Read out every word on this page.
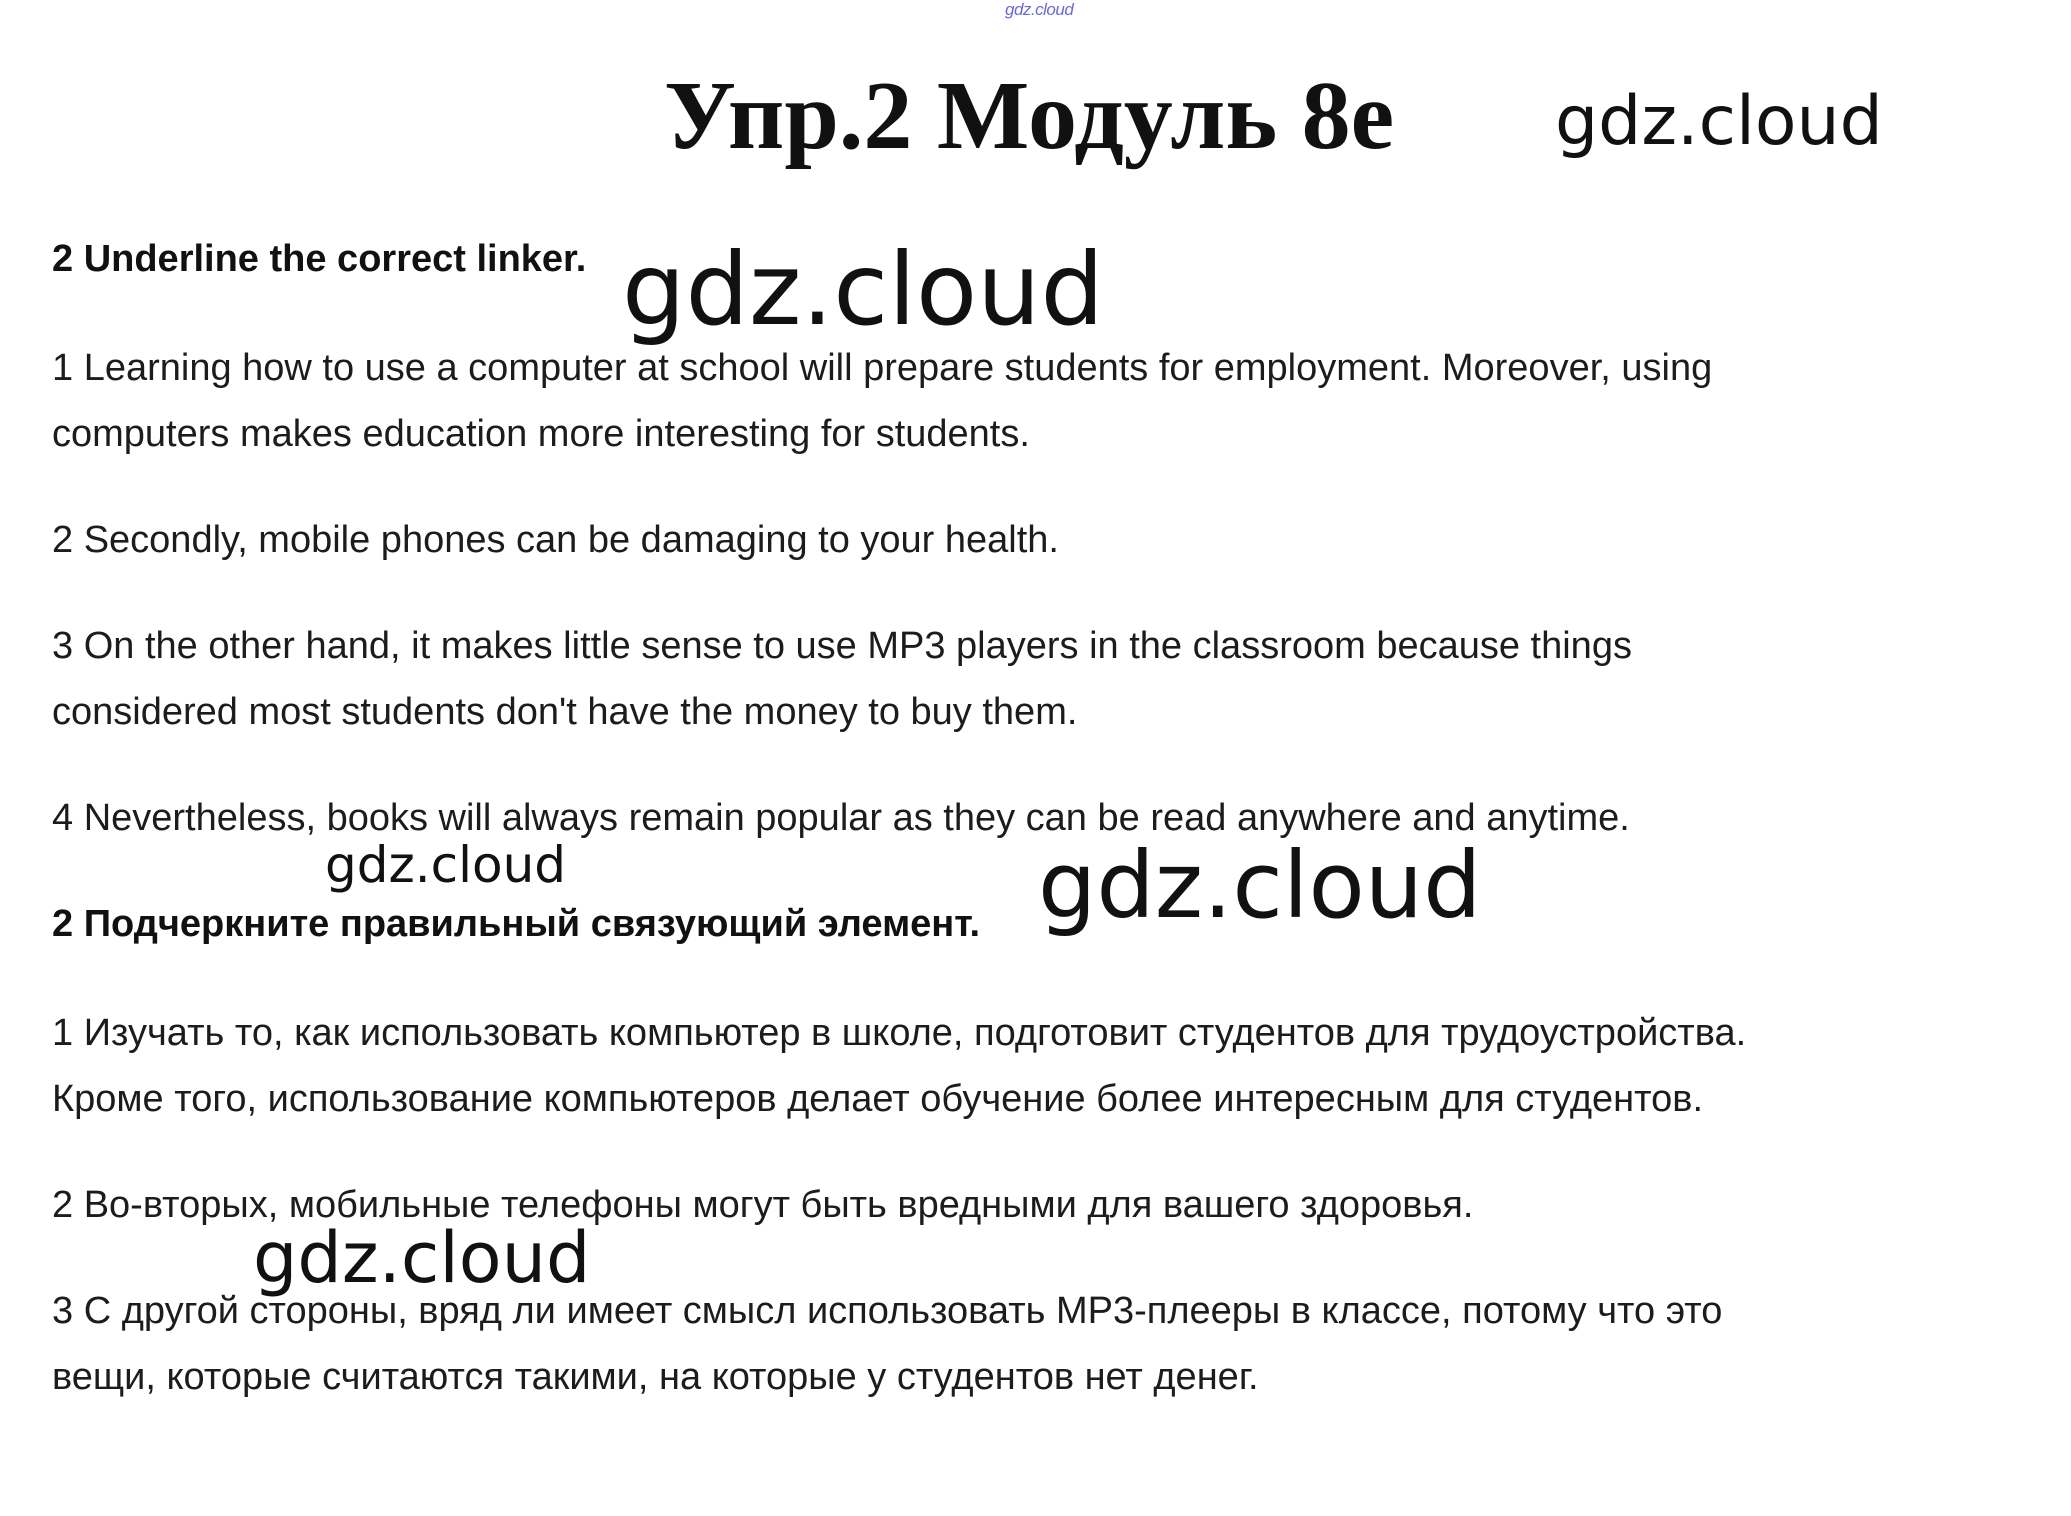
gdz.cloud
Упр.2 Модуль 8е gdz.cloud
2 Underline the correct linker. gdz.cloud
1 Learning how to use a computer at school will prepare students for employment. Moreover, using
computers makes education more interesting for students.
2 Secondly, mobile phones can be damaging to your health.
3 On the other hand, it makes little sense to use MP3 players in the classroom because things
considered most students don't have the money to buy them.
4 Nevertheless, books will always remain popular as they can be read anywhere and anytime.
gdz.cloud	gdz.cloud
2 Подчеркните правильный связующий элемент.
1 Изучать то, как использовать компьютер в школе, подготовит студентов для трудоустройства.
Кроме того, использование компьютеров делает обучение более интересным для студентов.
2 Во-вторых, мобильные телефоны могут быть вредными для вашего здоровья.
gdz.cloud
3 С другой стороны, вряд ли имеет смысл использовать МР3-плееры в классе, потому что это
вещи, которые считаются такими, на которые у студентов нет денег.
